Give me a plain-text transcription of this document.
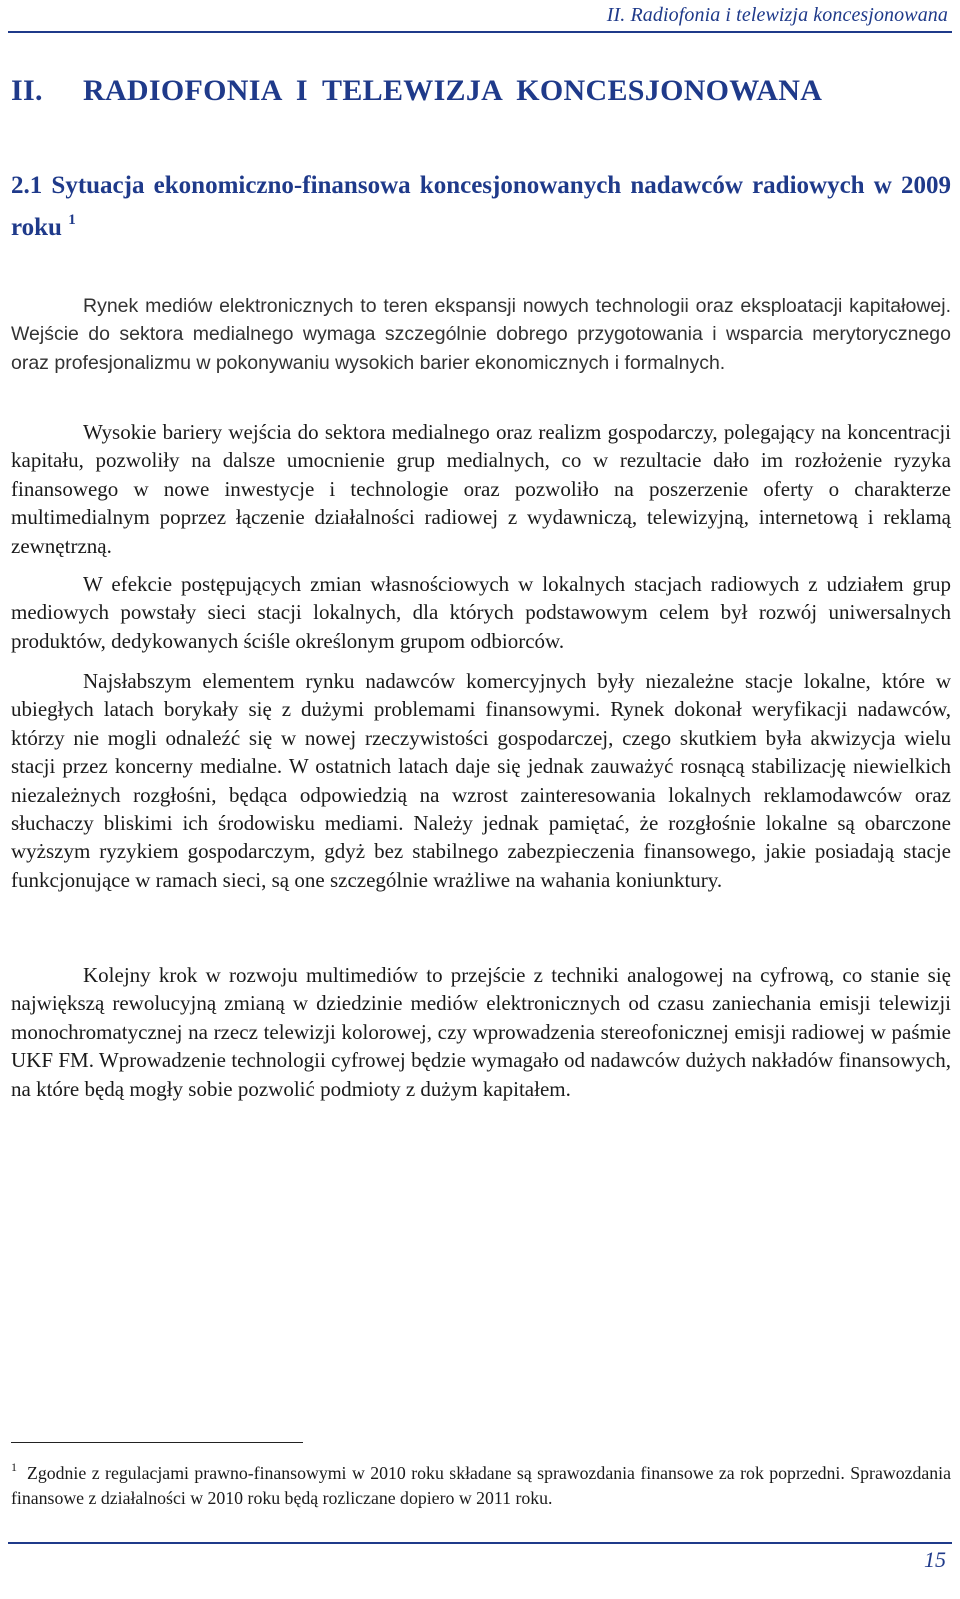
II. Radiofonia i telewizja koncesjonowana
II. RADIOFONIA I TELEWIZJA KONCESJONOWANA
2.1 Sytuacja ekonomiczno-finansowa koncesjonowanych nadawców radiowych w 2009 roku $^1$

Rynek mediów elektronicznych to teren ekspansji nowych technologii oraz eksploatacji kapitałowej. Wejście do sektora medialnego wymaga szczególnie dobrego przygotowania i wsparcia merytorycznego oraz profesjonalizmu w pokonywaniu wysokich barier ekonomicznych i formalnych.

Wysokie bariery wejścia do sektora medialnego oraz realizm gospodarczy, polegający na koncentracji kapitału, pozwoliły na dalsze umocnienie grup medialnych, co w rezultacie dało im rozłożenie ryzyka finansowego w nowe inwestycje i technologie oraz pozwoliło na poszerzenie oferty o charakterze multimedialnym poprzez łączenie działalności radiowej z wydawniczą, telewizyjną, internetową i reklamą zewnętrzną.

W efekcie postępujących zmian własnościowych w lokalnych stacjach radiowych z udziałem grup mediowych powstały sieci stacji lokalnych, dla których podstawowym celem był rozwój uniwersalnych produktów, dedykowanych ściśle określonym grupom odbiorców.

Najsłabszym elementem rynku nadawców komercyjnych były niezależne stacje lokalne, które w ubiegłych latach borykały się z dużymi problemami finansowymi. Rynek dokonał weryfikacji nadawców, którzy nie mogli odnaleźć się w nowej rzeczywistości gospodarczej, czego skutkiem była akwizycja wielu stacji przez koncerny medialne. W ostatnich latach daje się jednak zauważyć rosnącą stabilizację niewielkich niezależnych rozgłośni, będąca odpowiedzią na wzrost zainteresowania lokalnych reklamodawców oraz słuchaczy bliskimi ich środowisku mediami. Należy jednak pamiętać, że rozgłośnie lokalne są obarczone wyższym ryzykiem gospodarczym, gdyż bez stabilnego zabezpieczenia finansowego, jakie posiadają stacje funkcjonujące w ramach sieci, są one szczególnie wrażliwe na wahania koniunktury.

Kolejny krok w rozwoju multimediów to przejście z techniki analogowej na cyfrową, co stanie się największą rewolucyjną zmianą w dziedzinie mediów elektronicznych od czasu zaniechania emisji telewizji monochromatycznej na rzecz telewizji kolorowej, czy wprowadzenia stereofonicznej emisji radiowej w paśmie UKF FM. Wprowadzenie technologii cyfrowej będzie wymagało od nadawców dużych nakładów finansowych, na które będą mogły sobie pozwolić podmioty z dużym kapitałem.

$^1$ Zgodnie z regulacjami prawno-finansowymi w 2010 roku składane są sprawozdania finansowe za rok poprzedni. Sprawozdania finansowe z działalności w 2010 roku będą rozliczane dopiero w 2011 roku.

15
